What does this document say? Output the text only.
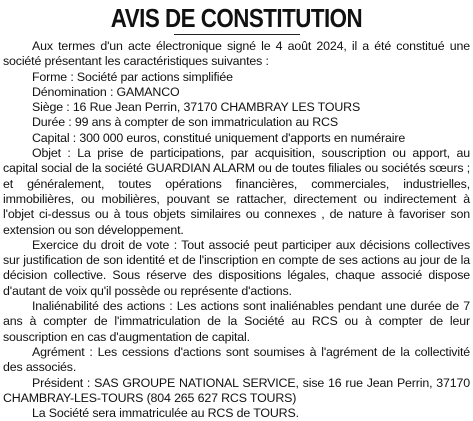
AVIS DE CONSTITUTION

Aux termes d'un acte électronique signé le 4 août 2024, il a été constitué une société présentant les caractéristiques suivantes :

Forme : Société par actions simplifiée

Dénomination : GAMANCO

Siège : 16 Rue Jean Perrin, 37170 CHAMBRAY LES TOURS

Durée : 99 ans à compter de son immatriculation au RCS

Capital : 300 000 euros, constitué uniquement d'apports en numéraire

Objet : La prise de participations, par acquisition, souscription ou apport, au capital social de la société GUARDIAN ALARM ou de toutes filiales ou sociétés sœurs ; et généralement, toutes opérations financières, commerciales, industrielles, immobilières, ou mobilières, pouvant se rattacher, directement ou indirectement à l'objet ci-dessus ou à tous objets similaires ou connexes , de nature à favoriser son extension ou son développement.

Exercice du droit de vote : Tout associé peut participer aux décisions collectives sur justification de son identité et de l'inscription en compte de ses actions au jour de la décision collective. Sous réserve des dispositions légales, chaque associé dispose d'autant de voix qu'il possède ou représente d'actions.

Inaliénabilité des actions : Les actions sont inaliénables pendant une durée de 7 ans à compter de l'immatriculation de la Société au RCS ou à compter de leur souscription en cas d'augmentation de capital.

Agrément : Les cessions d'actions sont soumises à l'agrément de la collectivité des associés.

Président : SAS GROUPE NATIONAL SERVICE, sise 16 rue Jean Perrin, 37170 CHAMBRAY-LES-TOURS (804 265 627 RCS TOURS)

La Société sera immatriculée au RCS de TOURS.
